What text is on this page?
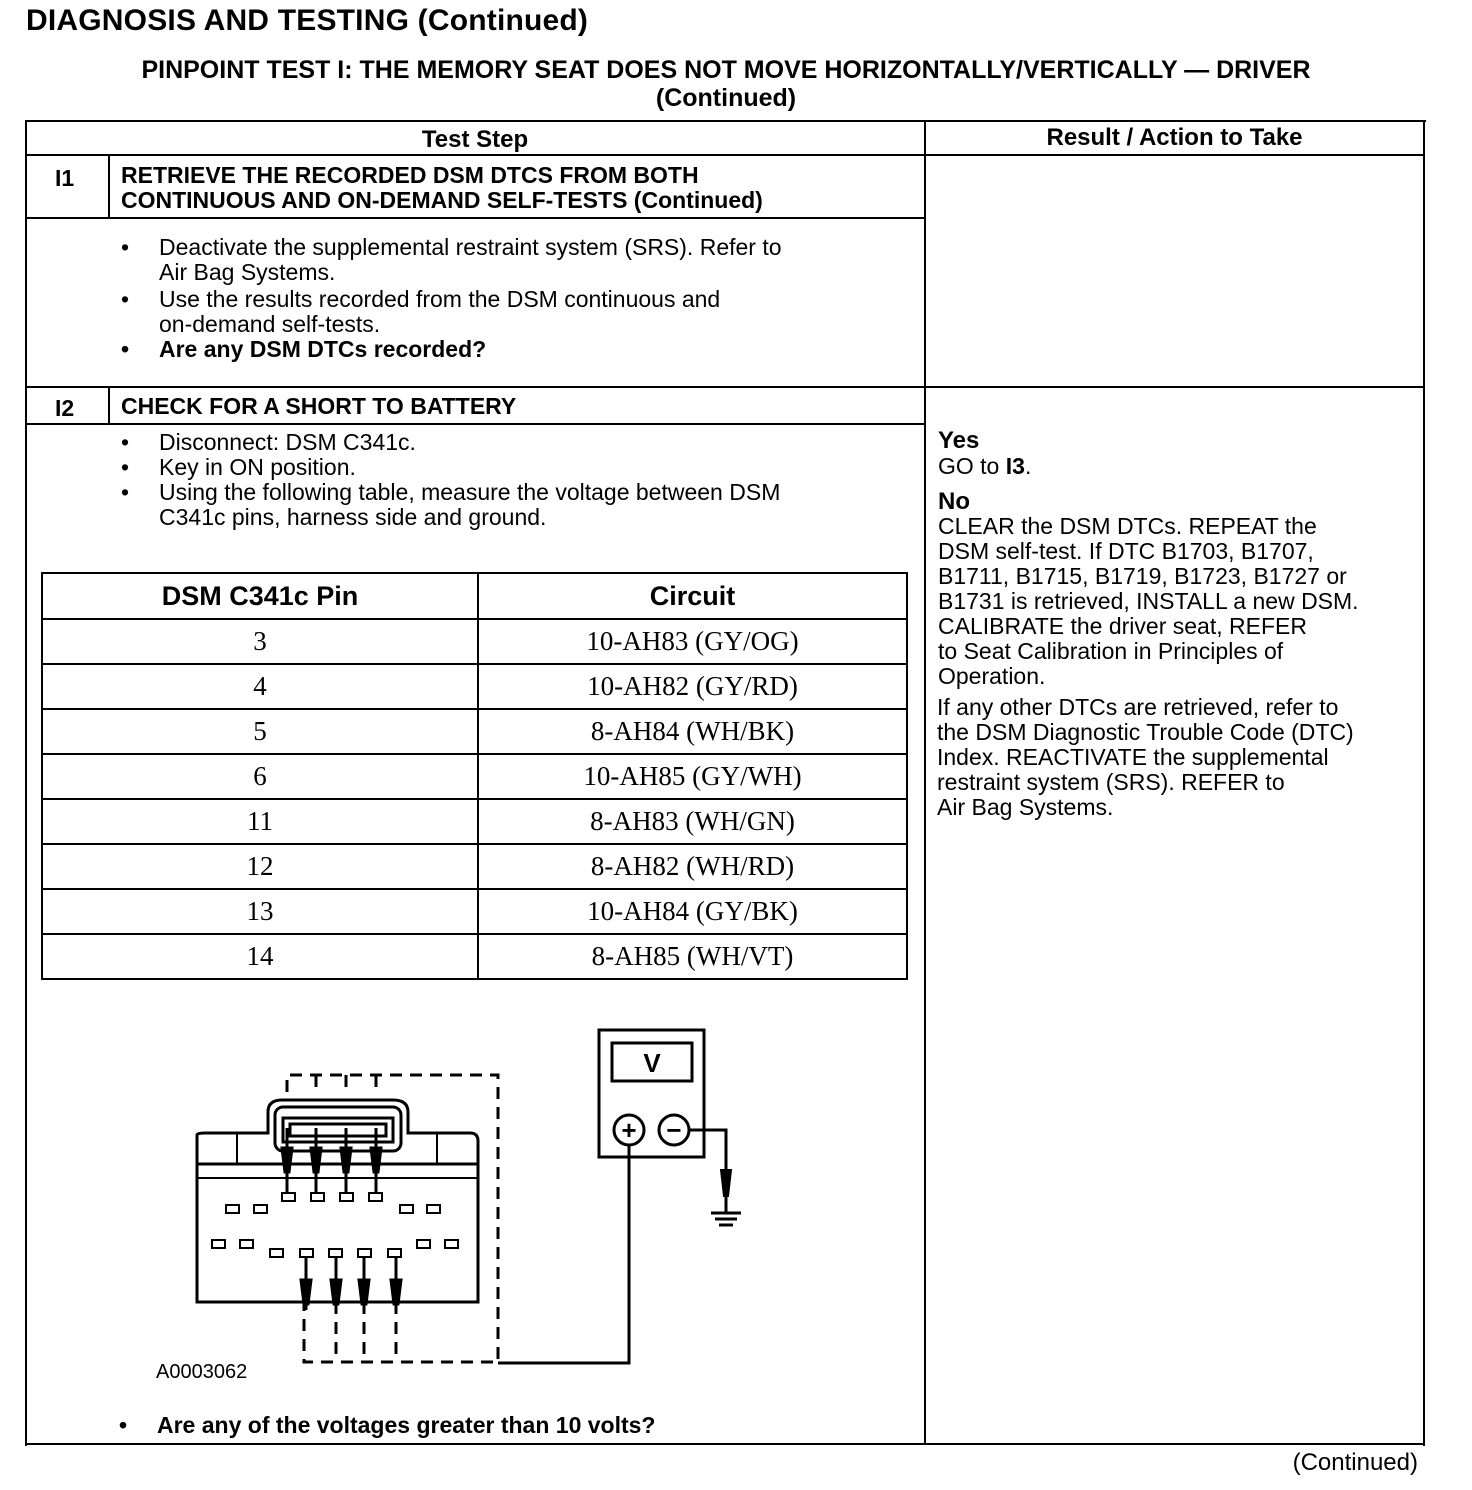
DIAGNOSIS AND TESTING (Continued)
PINPOINT TEST I: THE MEMORY SEAT DOES NOT MOVE HORIZONTALLY/VERTICALLY — DRIVER
(Continued)
Test Step	Result / Action to Take
I1 RETRIEVE THE RECORDED DSM DTCS FROM BOTH
CONTINUOUS AND ON-DEMAND SELF-TESTS (Continued)
• Deactivate the supplemental restraint system (SRS). Refer to
Air Bag Systems.
• Use the results recorded from the DSM continuous and
on-demand self-tests.
• Are any DSM DTCs recorded?
I2 CHECK FOR A SHORT TO BATTERY
• Disconnect: DSM C341c.
• Key in ON position.
• Using the following table, measure the voltage between DSM
C341c pins, harness side and ground.
DSM C341c Pin	Circuit
3	10-AH83 (GY/OG)
4	10-AH82 (GY/RD)
5	8-AH84 (WH/BK)
6	10-AH85 (GY/WH)
11	8-AH83 (WH/GN)
12	8-AH82 (WH/RD)
13	10-AH84 (GY/BK)
14	8-AH85 (WH/VT)
V
+ −
A0003062
• Are any of the voltages greater than 10 volts?
Yes
GO to I3.
No
CLEAR the DSM DTCs. REPEAT the
DSM self-test. If DTC B1703, B1707,
B1711, B1715, B1719, B1723, B1727 or
B1731 is retrieved, INSTALL a new DSM.
CALIBRATE the driver seat, REFER
to Seat Calibration in Principles of
Operation.
If any other DTCs are retrieved, refer to
the DSM Diagnostic Trouble Code (DTC)
Index. REACTIVATE the supplemental
restraint system (SRS). REFER to
Air Bag Systems.
(Continued)
